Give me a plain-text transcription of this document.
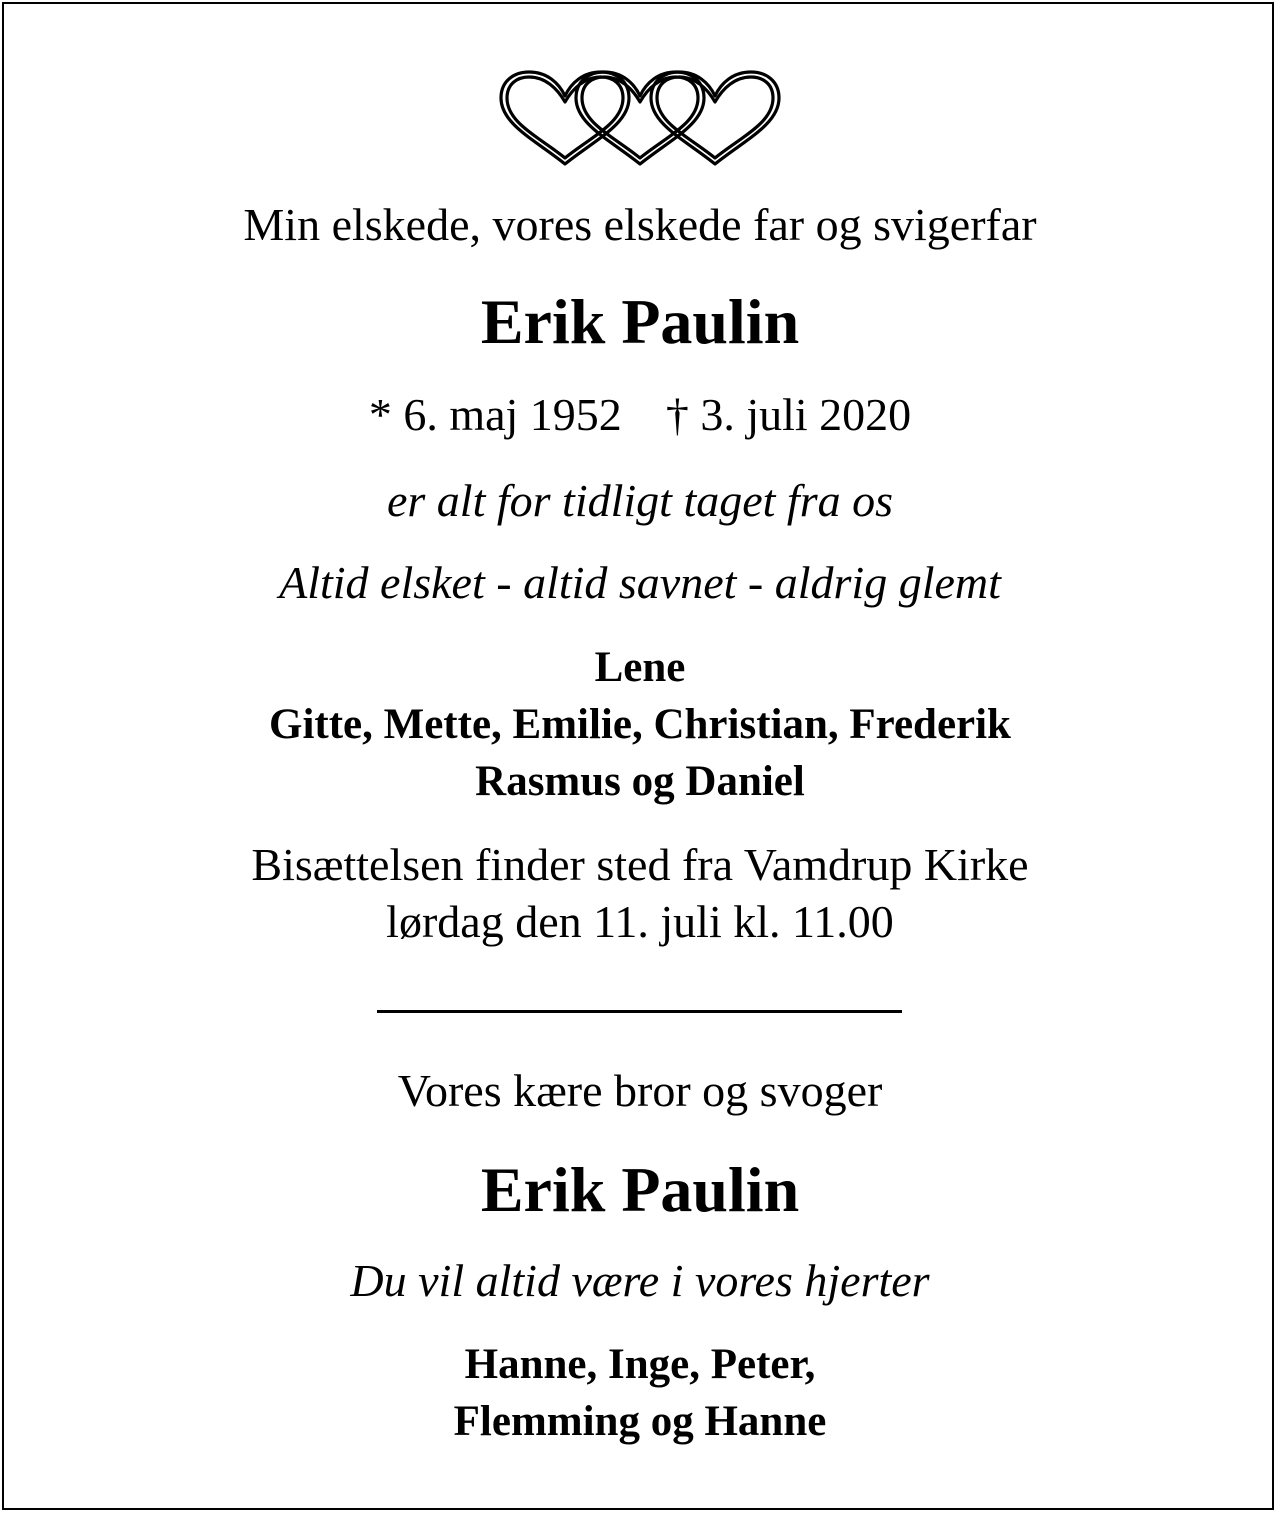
Min elskede, vores elskede far og svigerfar
Erik Paulin
* 6. maj 1952 † 3. juli 2020
er alt for tidligt taget fra os
Altid elsket - altid savnet - aldrig glemt
Lene
Gitte, Mette, Emilie, Christian, Frederik
Rasmus og Daniel
Bisættelsen finder sted fra Vamdrup Kirke
lørdag den 11. juli kl. 11.00
Vores kære bror og svoger
Erik Paulin
Du vil altid være i vores hjerter
Hanne, Inge, Peter,
Flemming og Hanne
